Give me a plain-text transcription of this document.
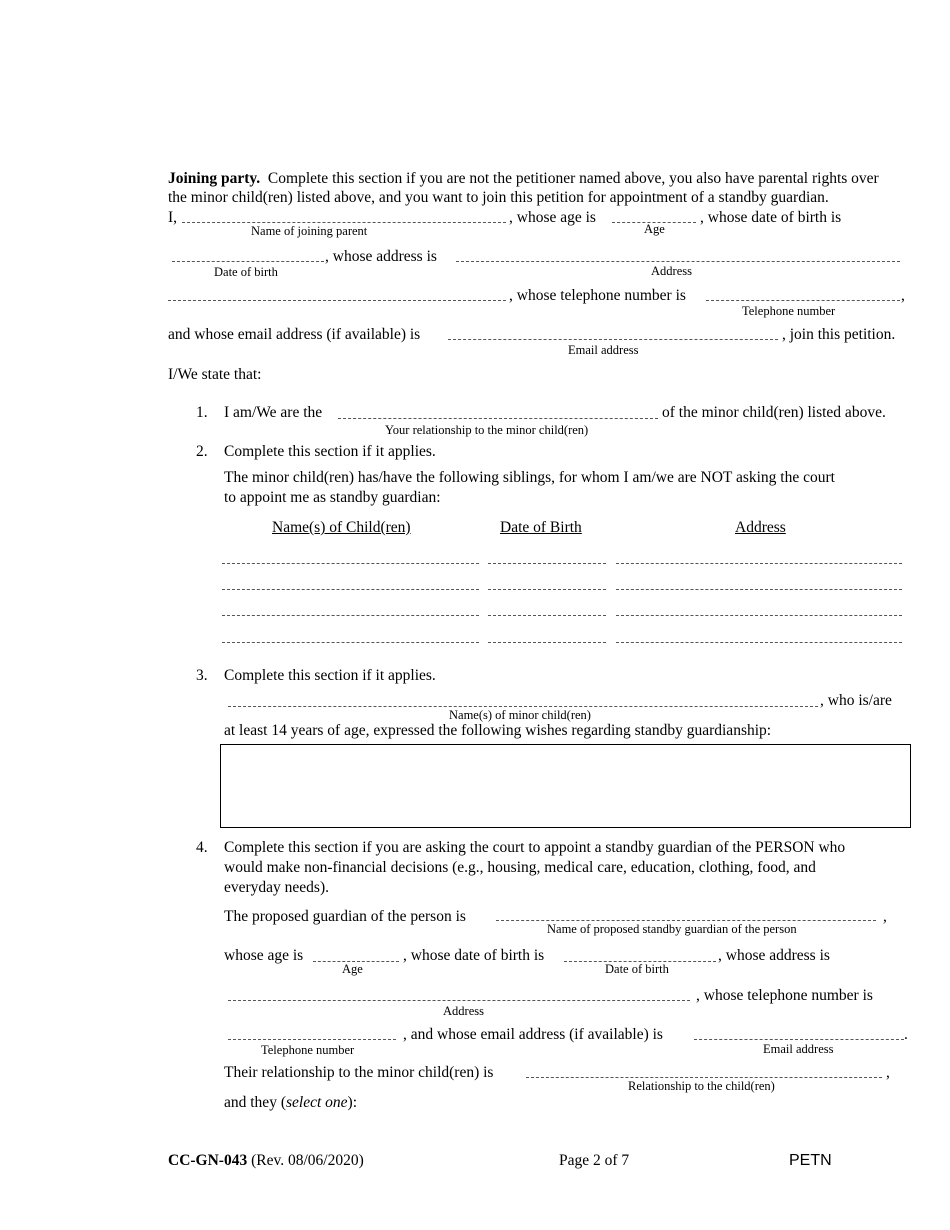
Joining party. Complete this section if you are not the petitioner named above, you also have parental rights over
the minor child(ren) listed above, and you want to join this petition for appointment of a standby guardian.
I,	, whose age is	, whose date of birth is
Name of joining parent	Age
, whose address is
Date of birth	Address
, whose telephone number is	,
Telephone number
and whose email address (if available) is	, join this petition.
Email address
I/We state that:
1. I am/We are the	of the minor child(ren) listed above.
Your relationship to the minor child(ren)
2. Complete this section if it applies.
The minor child(ren) has/have the following siblings, for whom I am/we are NOT asking the court
to appoint me as standby guardian:
Name(s) of Child(ren)	Date of Birth	Address
3. Complete this section if it applies.
, who is/are
Name(s) of minor child(ren)
at least 14 years of age, expressed the following wishes regarding standby guardianship:
4. Complete this section if you are asking the court to appoint a standby guardian of the PERSON who
would make non-financial decisions (e.g., housing, medical care, education, clothing, food, and
everyday needs).
The proposed guardian of the person is	,
Name of proposed standby guardian of the person
whose age is	, whose date of birth is	, whose address is
Age	Date of birth
, whose telephone number is
Address
, and whose email address (if available) is	.
Telephone number	Email address
Their relationship to the minor child(ren) is	,
Relationship to the child(ren)
and they (select one):
CC-GN-043 (Rev. 08/06/2020)	Page 2 of 7	PETN
